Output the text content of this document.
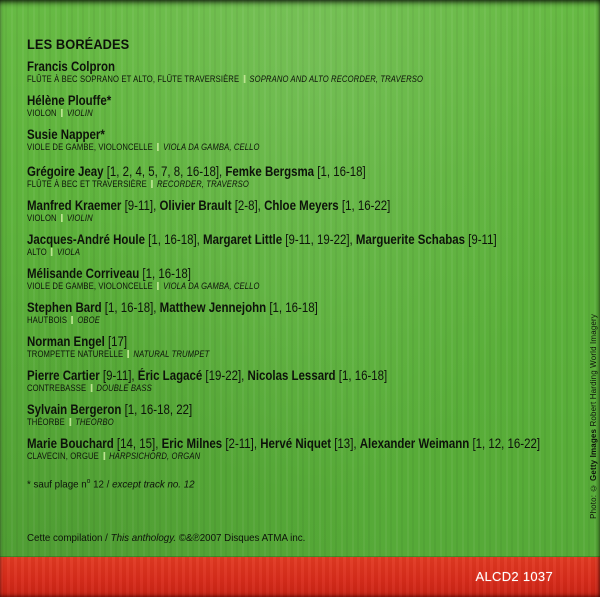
LES BORÉADES
Francis Colpron
FLÛTE À BEC SOPRANO ET ALTO, FLÛTE TRAVERSIÈRE SOPRANO AND ALTO RECORDER, TRAVERSO
Hélène Plouffe*
VIOLON VIOLIN
Susie Napper*
VIOLE DE GAMBE, VIOLONCELLE VIOLA DA GAMBA, CELLO
Grégoire Jeay [1, 2, 4, 5, 7, 8, 16-18], Femke Bergsma [1, 16-18]
FLÛTE À BEC ET TRAVERSIÈRE RECORDER, TRAVERSO
Manfred Kraemer [9-11], Olivier Brault [2-8], Chloe Meyers [1, 16-22]
VIOLON VIOLIN
Jacques-André Houle [1, 16-18], Margaret Little [9-11, 19-22], Marguerite Schabas [9-11]
ALTO VIOLA
Mélisande Corriveau [1, 16-18]
VIOLE DE GAMBE, VIOLONCELLE VIOLA DA GAMBA, CELLO
Stephen Bard [1, 16-18], Matthew Jennejohn [1, 16-18]
HAUTBOIS OBOE
Norman Engel [17]
TROMPETTE NATURELLE NATURAL TRUMPET
Pierre Cartier [9-11], Éric Lagacé [19-22], Nicolas Lessard [1, 16-18]
CONTREBASSE DOUBLE BASS
Sylvain Bergeron [1, 16-18, 22]
THÉORBE THEORBO
Marie Bouchard [14, 15], Eric Milnes [2-11], Hervé Niquet [13], Alexander Weimann [1, 12, 16-22]
CLAVECIN, ORGUE HARPSICHORD, ORGAN
* sauf plage $n^o$ 12 / except track no. 12
Cette compilation / This anthology. ©&℗2007 Disques ATMA inc.
Photo: © Getty Images Robert Harding World Imagery
ALCD2 1037
